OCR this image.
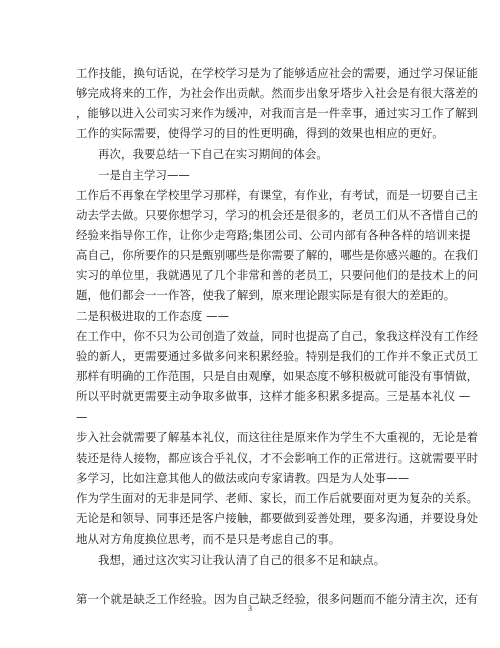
工作技能，换句话说，在学校学习是为了能够适应社会的需要，通过学习保证能
够完成将来的工作，为社会作出贡献。然而步出象牙塔步入社会是有很大落差的
，能够以进入公司实习来作为缓冲，对我而言是一件幸事，通过实习工作了解到
工作的实际需要，使得学习的目的性更明确，得到的效果也相应的更好。
再次，我要总结一下自己在实习期间的体会。
一是自主学习——
工作后不再象在学校里学习那样，有课堂，有作业，有考试，而是一切要自己主
动去学去做。只要你想学习，学习的机会还是很多的，老员工们从不吝惜自己的
经验来指导你工作，让你少走弯路;集团公司、公司内部有各种各样的培训来提
高自己，你所要作的只是甄别哪些是你需要了解的，哪些是你感兴趣的。在我们
实习的单位里，我就遇见了几个非常和善的老员工，只要问他们的是技术上的问
题，他们都会一一作答，使我了解到，原来理论跟实际是有很大的差距的。
二是积极进取的工作态度 ——
在工作中，你不只为公司创造了效益，同时也提高了自己，象我这样没有工作经
验的新人，更需要通过多做多问来积累经验。特别是我们的工作并不象正式员工
那样有明确的工作范围，只是自由观摩，如果态度不够积极就可能没有事情做，
所以平时就更需要主动争取多做事，这样才能多积累多提高。三是基本礼仪 —
—
步入社会就需要了解基本礼仪，而这往往是原来作为学生不大重视的，无论是着
装还是待人接物，都应该合乎礼仪，才不会影响工作的正常进行。这就需要平时
多学习，比如注意其他人的做法或向专家请教。四是为人处事——
作为学生面对的无非是同学、老师、家长，而工作后就要面对更为复杂的关系。
无论是和领导、同事还是客户接触，都要做到妥善处理，要多沟通，并要设身处
地从对方角度换位思考，而不是只是考虑自己的事。
我想，通过这次实习让我认清了自己的很多不足和缺点。
3
第一个就是缺乏工作经验。因为自己缺乏经验，很多问题而不能分清主次，还有
